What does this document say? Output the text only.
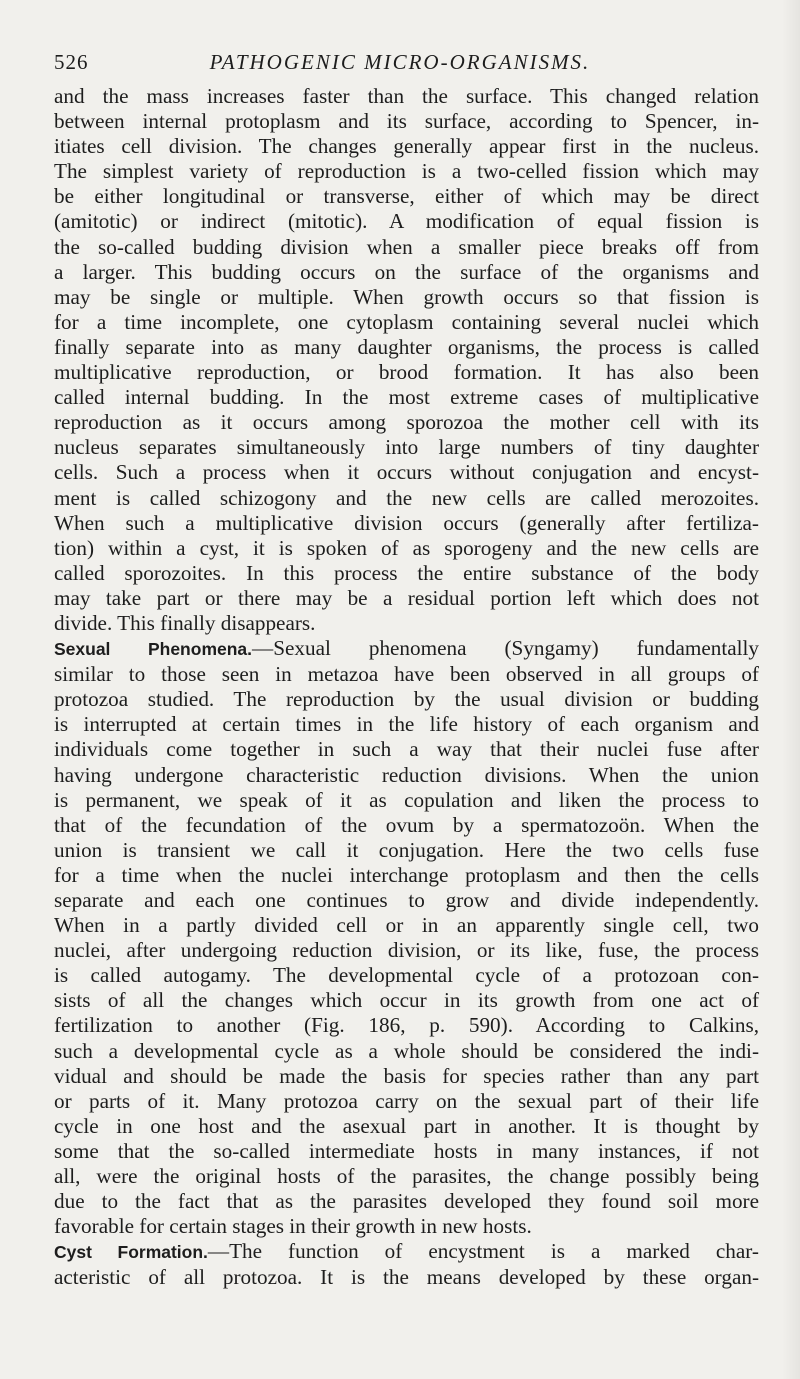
526	PATHOGENIC MICRO-ORGANISMS.
and the mass increases faster than the surface. This changed relation
between internal protoplasm and its surface, according to Spencer, in-
itiates cell division. The changes generally appear first in the nucleus.
The simplest variety of reproduction is a two-celled fission which may
be either longitudinal or transverse, either of which may be direct
(amitotic) or indirect (mitotic). A modification of equal fission is
the so-called budding division when a smaller piece breaks off from
a larger. This budding occurs on the surface of the organisms and
may be single or multiple. When growth occurs so that fission is
for a time incomplete, one cytoplasm containing several nuclei which
finally separate into as many daughter organisms, the process is called
multiplicative reproduction, or brood formation. It has also been
called internal budding. In the most extreme cases of multiplicative
reproduction as it occurs among sporozoa the mother cell with its
nucleus separates simultaneously into large numbers of tiny daughter
cells. Such a process when it occurs without conjugation and encyst-
ment is called schizogony and the new cells are called merozoites.
When such a multiplicative division occurs (generally after fertiliza-
tion) within a cyst, it is spoken of as sporogeny and the new cells are
called sporozoites. In this process the entire substance of the body
may take part or there may be a residual portion left which does not
divide. This finally disappears.
Sexual Phenomena.—Sexual phenomena (Syngamy) fundamentally
similar to those seen in metazoa have been observed in all groups of
protozoa studied. The reproduction by the usual division or budding
is interrupted at certain times in the life history of each organism and
individuals come together in such a way that their nuclei fuse after
having undergone characteristic reduction divisions. When the union
is permanent, we speak of it as copulation and liken the process to
that of the fecundation of the ovum by a spermatozoön. When the
union is transient we call it conjugation. Here the two cells fuse
for a time when the nuclei interchange protoplasm and then the cells
separate and each one continues to grow and divide independently.
When in a partly divided cell or in an apparently single cell, two
nuclei, after undergoing reduction division, or its like, fuse, the process
is called autogamy. The developmental cycle of a protozoan con-
sists of all the changes which occur in its growth from one act of
fertilization to another (Fig. 186, p. 590). According to Calkins,
such a developmental cycle as a whole should be considered the indi-
vidual and should be made the basis for species rather than any part
or parts of it. Many protozoa carry on the sexual part of their life
cycle in one host and the asexual part in another. It is thought by
some that the so-called intermediate hosts in many instances, if not
all, were the original hosts of the parasites, the change possibly being
due to the fact that as the parasites developed they found soil more
favorable for certain stages in their growth in new hosts.
Cyst Formation.—The function of encystment is a marked char-
acteristic of all protozoa. It is the means developed by these organ-
